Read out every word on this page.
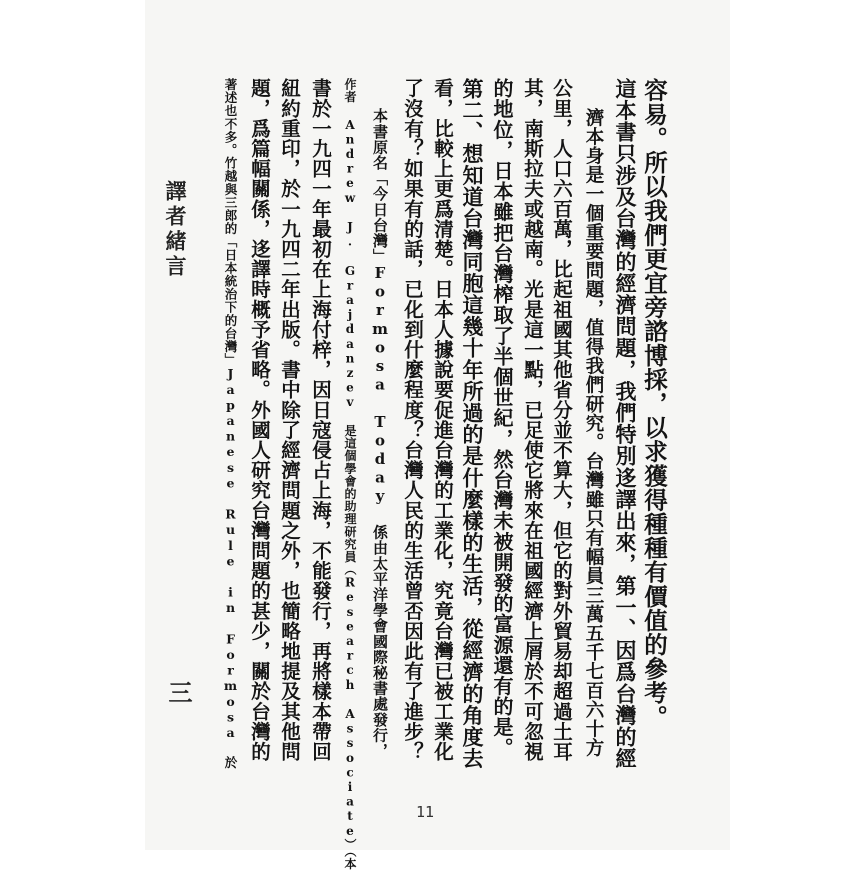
譯者緒言
三	容易。所以我們更宜旁諮博採，以求獲得種種有價值的參考。
這本書只涉及台灣的經濟問題，我們特別迻譯出來，第一、因爲台灣的經
濟本身是一個重要問題，值得我們研究。台灣雖只有幅員三萬五千七百六十方
公里，人口六百萬，比起祖國其他省分並不算大，但它的對外貿易却超過土耳
其，南斯拉夫或越南。光是這一點，已足使它將來在祖國經濟上屑於不可忽視
的地位，日本雖把台灣榨取了半個世紀，然台灣未被開發的富源還有的是。
第二、想知道台灣同胞這幾十年所過的是什麼樣的生活，從經濟的角度去
看，比較上更爲清楚。日本人據說要促進台灣的工業化，究竟台灣已被工業化
了沒有？如果有的話，已化到什麼程度？台灣人民的生活曾否因此有了進步？
本書原名「今日台灣」Formosa Today 係由太平洋學會國際秘書處發行，
作者 Andrew J. Grajdanzev 是這個學會的助理研究員（Research Associate）（本
書於一九四一年最初在上海付梓，因日寇侵占上海，不能發行，再將樣本帶回
紐約重印，於一九四二年出版。書中除了經濟問題之外，也簡略地提及其他問
題，爲篇幅關係，迻譯時概予省略。外國人研究台灣問題的甚少，關於台灣的
著述也不多。竹越與三郎的「日本統治下的台灣」Japanese Rule in Formosa 於
11
